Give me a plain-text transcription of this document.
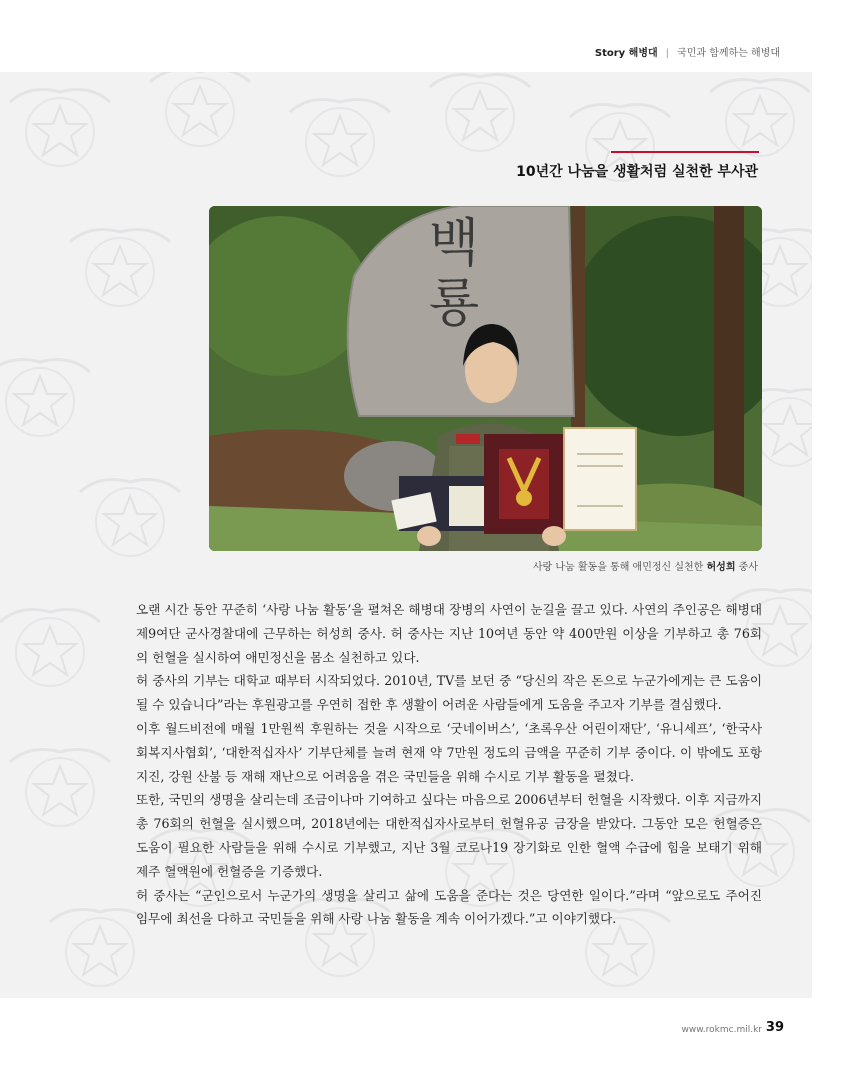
Story 해병대 | 국민과 함께하는 해병대
10년간 나눔을 생활처럼 실천한 부사관
백
룡
사랑 나눔 활동을 통해 애민정신 실천한 허성희 중사

오랜 시간 동안 꾸준히 ‘사랑 나눔 활동’을 펼쳐온 해병대 장병의 사연이 눈길을 끌고 있다. 사연의 주인공은 해병대 제9여단 군사경찰대에 근무하는 허성희 중사. 허 중사는 지난 10여년 동안 약 400만원 이상을 기부하고 총 76회의 헌혈을 실시하여 애민정신을 몸소 실천하고 있다.

허 중사의 기부는 대학교 때부터 시작되었다. 2010년, TV를 보던 중 “당신의 작은 돈으로 누군가에게는 큰 도움이 될 수 있습니다”라는 후원광고를 우연히 접한 후 생활이 어려운 사람들에게 도움을 주고자 기부를 결심했다.

이후 월드비전에 매월 1만원씩 후원하는 것을 시작으로 ‘굿네이버스’, ‘초록우산 어린이재단’, ‘유니세프’, ‘한국사회복지사협회’, ‘대한적십자사’ 기부단체를 늘려 현재 약 7만원 정도의 금액을 꾸준히 기부 중이다. 이 밖에도 포항 지진, 강원 산불 등 재해 재난으로 어려움을 겪은 국민들을 위해 수시로 기부 활동을 펼쳤다.

또한, 국민의 생명을 살리는데 조금이나마 기여하고 싶다는 마음으로 2006년부터 헌혈을 시작했다. 이후 지금까지 총 76회의 헌혈을 실시했으며, 2018년에는 대한적십자사로부터 헌혈유공 금장을 받았다. 그동안 모은 헌혈증은 도움이 필요한 사람들을 위해 수시로 기부했고, 지난 3월 코로나19 장기화로 인한 혈액 수급에 힘을 보태기 위해 제주 혈액원에 헌혈증을 기증했다.

허 중사는 “군인으로서 누군가의 생명을 살리고 삶에 도움을 준다는 것은 당연한 일이다.”라며 “앞으로도 주어진 임무에 최선을 다하고 국민들을 위해 사랑 나눔 활동을 계속 이어가겠다.”고 이야기했다.

www.rokmc.mil.kr 39
